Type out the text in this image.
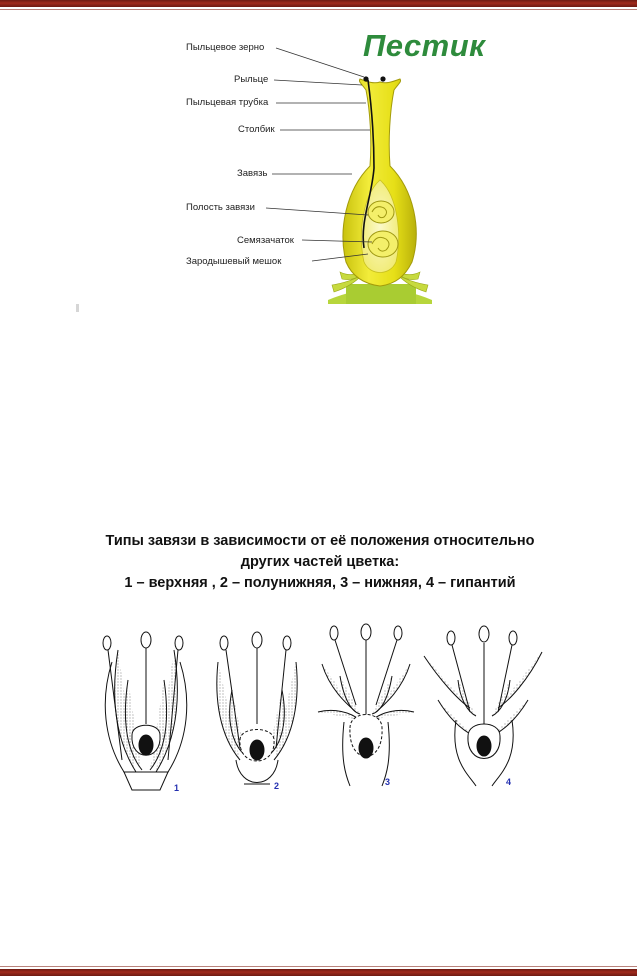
Пестик
Пыльцевое зерно
Рыльце
Пыльцевая трубка
Столбик
Завязь
Полость завязи
Семязачаток
Зародышевый мешок
Типы завязи в зависимости от её положения относительно
других частей цветка:
1 – верхняя , 2 – полунижняя, 3 – нижняя, 4 – гипантий
1	2	3	4
